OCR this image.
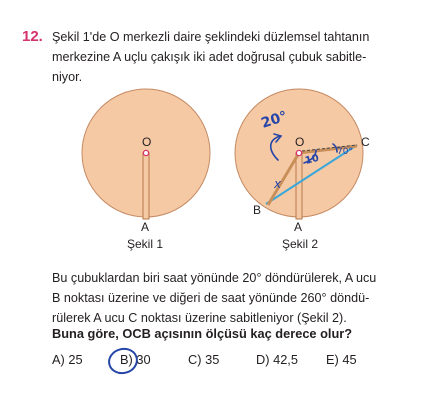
12. Şekil 1'de O merkezli daire şeklindeki düzlemsel tahtanın
merkezine A uçlu çakışık iki adet doğrusal çubuk sabitle-
niyor.
O
A
Şekil 1
O
A
B
C
Şekil 2
20°
10
70°
x
Bu çubuklardan biri saat yönünde 20° döndürülerek, A ucu
B noktası üzerine ve diğeri de saat yönünde 260° döndü-
rülerek A ucu C noktası üzerine sabitleniyor (Şekil 2).
Buna göre, OCB açısının ölçüsü kaç derece olur?
A) 25	B) 30	C) 35	D) 42,5 E) 45
